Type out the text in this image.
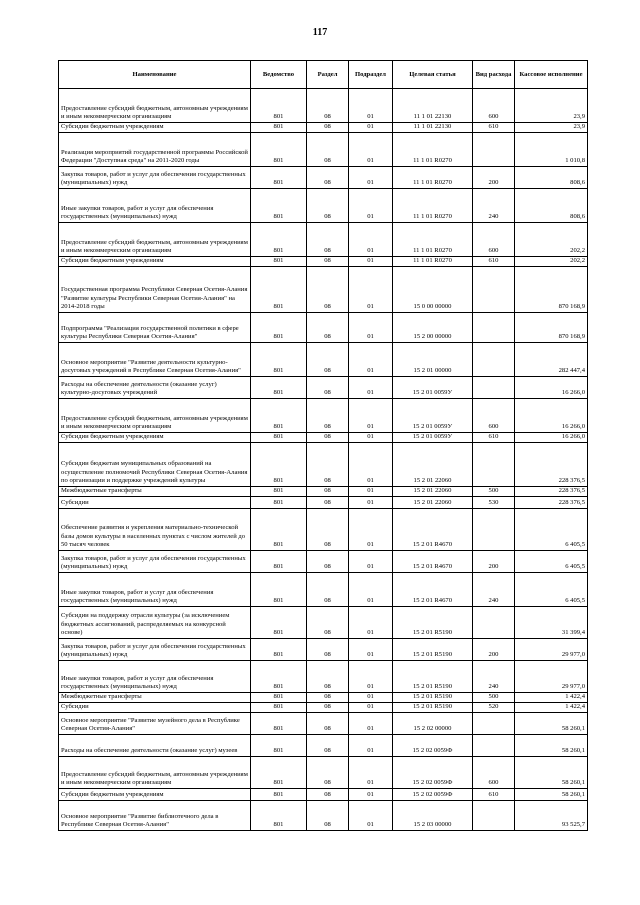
117
Наименование	Ведомство	Раздел	Подраздел	Целевая статья	Вид расхода	Кассовое исполнение
Предоставление субсидий бюджетным, автономным учреждениям и иным некоммерческим организациям	801	08	01	11 1 01 22130	600	23,9
Субсидии бюджетным учреждениям	801	08	01	11 1 01 22130	610	23,9
Реализация мероприятий государственной программы Российской Федерации "Доступная среда" на 2011-2020 годы	801	08	01	11 1 01 R0270		1 010,8
Закупка товаров, работ и услуг для обеспечения государственных (муниципальных) нужд	801	08	01	11 1 01 R0270	200	808,6
Иные закупки товаров, работ и услуг для обеспечения государственных (муниципальных) нужд	801	08	01	11 1 01 R0270	240	808,6
Предоставление субсидий бюджетным, автономным учреждениям и иным некоммерческим организациям	801	08	01	11 1 01 R0270	600	202,2
Субсидии бюджетным учреждениям	801	08	01	11 1 01 R0270	610	202,2
Государственная программа Республики Северная Осетия-Алания "Развитие культуры Республики Северная Осетия-Алания" на 2014-2018 годы	801	08	01	15 0 00 00000		870 168,9
Подпрограмма "Реализация государственной политики в сфере культуры Республики Северная Осетия-Алания"	801	08	01	15 2 00 00000		870 168,9
Основное мероприятие "Развитие деятельности культурно-досуговых учреждений в Республике Северная Осетия-Алания"	801	08	01	15 2 01 00000		282 447,4
Расходы на обеспечение деятельности (оказание услуг) культурно-досуговых учреждений	801	08	01	15 2 01 0059У		16 266,0
Предоставление субсидий бюджетным, автономным учреждениям и иным некоммерческим организациям	801	08	01	15 2 01 0059У	600	16 266,0
Субсидии бюджетным учреждениям	801	08	01	15 2 01 0059У	610	16 266,0
Субсидии бюджетам муниципальных образований на осуществление полномочий Республики Северная Осетия-Алания по организации и поддержке учреждений культуры	801	08	01	15 2 01 22060		228 376,5
Межбюджетные трансферты	801	08	01	15 2 01 22060	500	228 376,5
Субсидии	801	08	01	15 2 01 22060	530	228 376,5
Обеспечение развития и укрепления материально-технической базы домов культуры в населенных пунктах с числом жителей до 50 тысяч человек	801	08	01	15 2 01 R4670		6 405,5
Закупка товаров, работ и услуг для обеспечения государственных (муниципальных) нужд	801	08	01	15 2 01 R4670	200	6 405,5
Иные закупки товаров, работ и услуг для обеспечения государственных (муниципальных) нужд	801	08	01	15 2 01 R4670	240	6 405,5
Субсидии на поддержку отрасли культуры (за исключением бюджетных ассигнований, распределяемых на конкурсной основе)	801	08	01	15 2 01 R5190		31 399,4
Закупка товаров, работ и услуг для обеспечения государственных (муниципальных) нужд	801	08	01	15 2 01 R5190	200	29 977,0
Иные закупки товаров, работ и услуг для обеспечения государственных (муниципальных) нужд	801	08	01	15 2 01 R5190	240	29 977,0
Межбюджетные трансферты	801	08	01	15 2 01 R5190	500	1 422,4
Субсидии	801	08	01	15 2 01 R5190	520	1 422,4
Основное мероприятие "Развитие музейного дела в Республике Северная Осетия-Алания"	801	08	01	15 2 02 00000		58 260,1
Расходы на обеспечение деятельности (оказание услуг) музеев	801	08	01	15 2 02 0059Ф		58 260,1
Предоставление субсидий бюджетным, автономным учреждениям и иным некоммерческим организациям	801	08	01	15 2 02 0059Ф	600	58 260,1
Субсидии бюджетным учреждениям	801	08	01	15 2 02 0059Ф	610	58 260,1
Основное мероприятие "Развитие библиотечного дела в Республике Северная Осетия-Алания"	801	08	01	15 2 03 00000		93 525,7
